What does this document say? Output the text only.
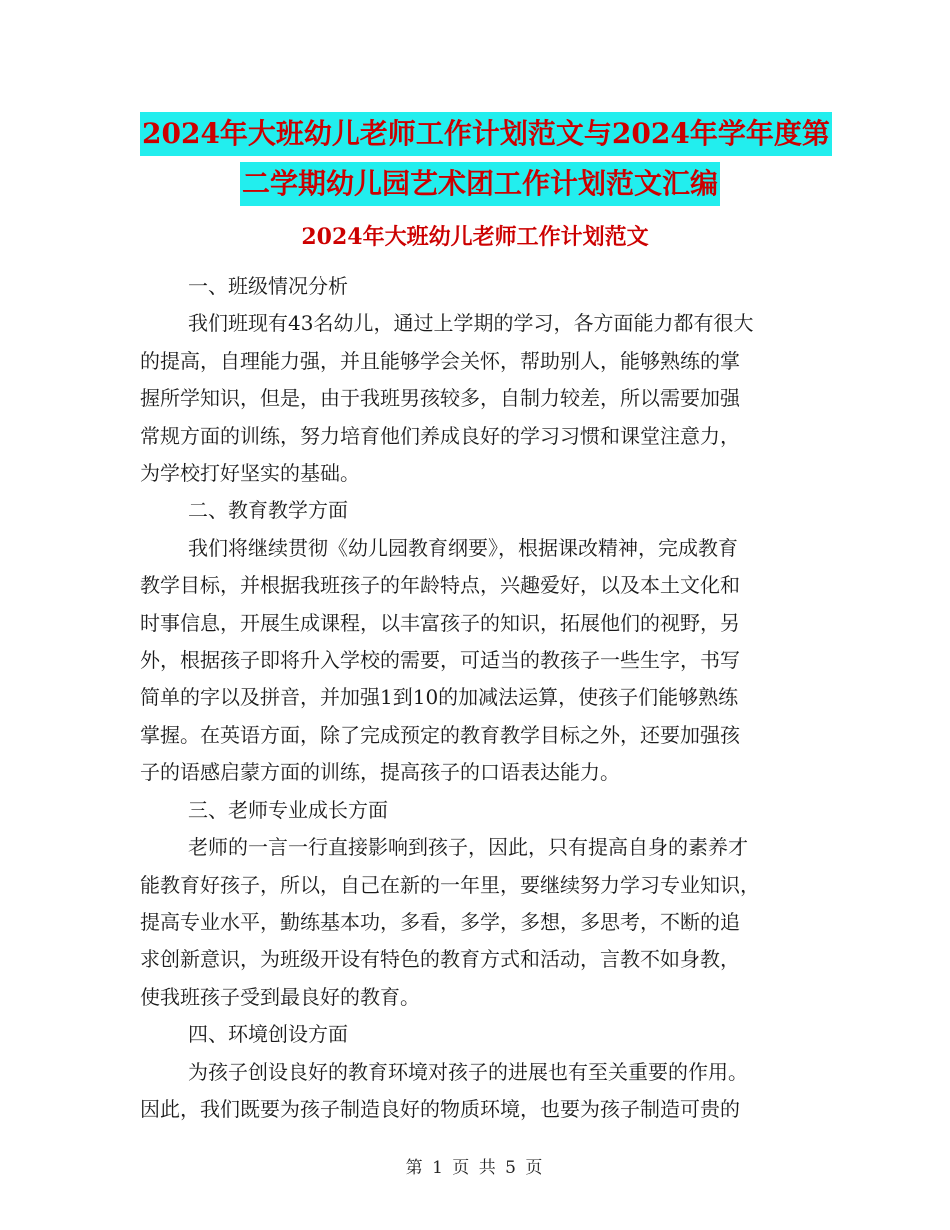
2024年大班幼儿老师工作计划范文与2024年学年度第
二学期幼儿园艺术团工作计划范文汇编
2024年大班幼儿老师工作计划范文
一、班级情况分析
我们班现有43名幼儿，通过上学期的学习，各方面能力都有很大
的提高，自理能力强，并且能够学会关怀，帮助别人，能够熟练的掌
握所学知识，但是，由于我班男孩较多，自制力较差，所以需要加强
常规方面的训练，努力培育他们养成良好的学习习惯和课堂注意力，
为学校打好坚实的基础。
二、教育教学方面
我们将继续贯彻《幼儿园教育纲要》，根据课改精神，完成教育
教学目标，并根据我班孩子的年龄特点，兴趣爱好，以及本土文化和
时事信息，开展生成课程，以丰富孩子的知识，拓展他们的视野，另
外，根据孩子即将升入学校的需要，可适当的教孩子一些生字，书写
简单的字以及拼音，并加强1到10的加减法运算，使孩子们能够熟练
掌握。在英语方面，除了完成预定的教育教学目标之外，还要加强孩
子的语感启蒙方面的训练，提高孩子的口语表达能力。
三、老师专业成长方面
老师的一言一行直接影响到孩子，因此，只有提高自身的素养才
能教育好孩子，所以，自己在新的一年里，要继续努力学习专业知识，
提高专业水平，勤练基本功，多看，多学，多想，多思考，不断的追
求创新意识，为班级开设有特色的教育方式和活动，言教不如身教，
使我班孩子受到最良好的教育。
四、环境创设方面
为孩子创设良好的教育环境对孩子的进展也有至关重要的作用。
因此，我们既要为孩子制造良好的物质环境，也要为孩子制造可贵的
第 1 页 共 5 页
